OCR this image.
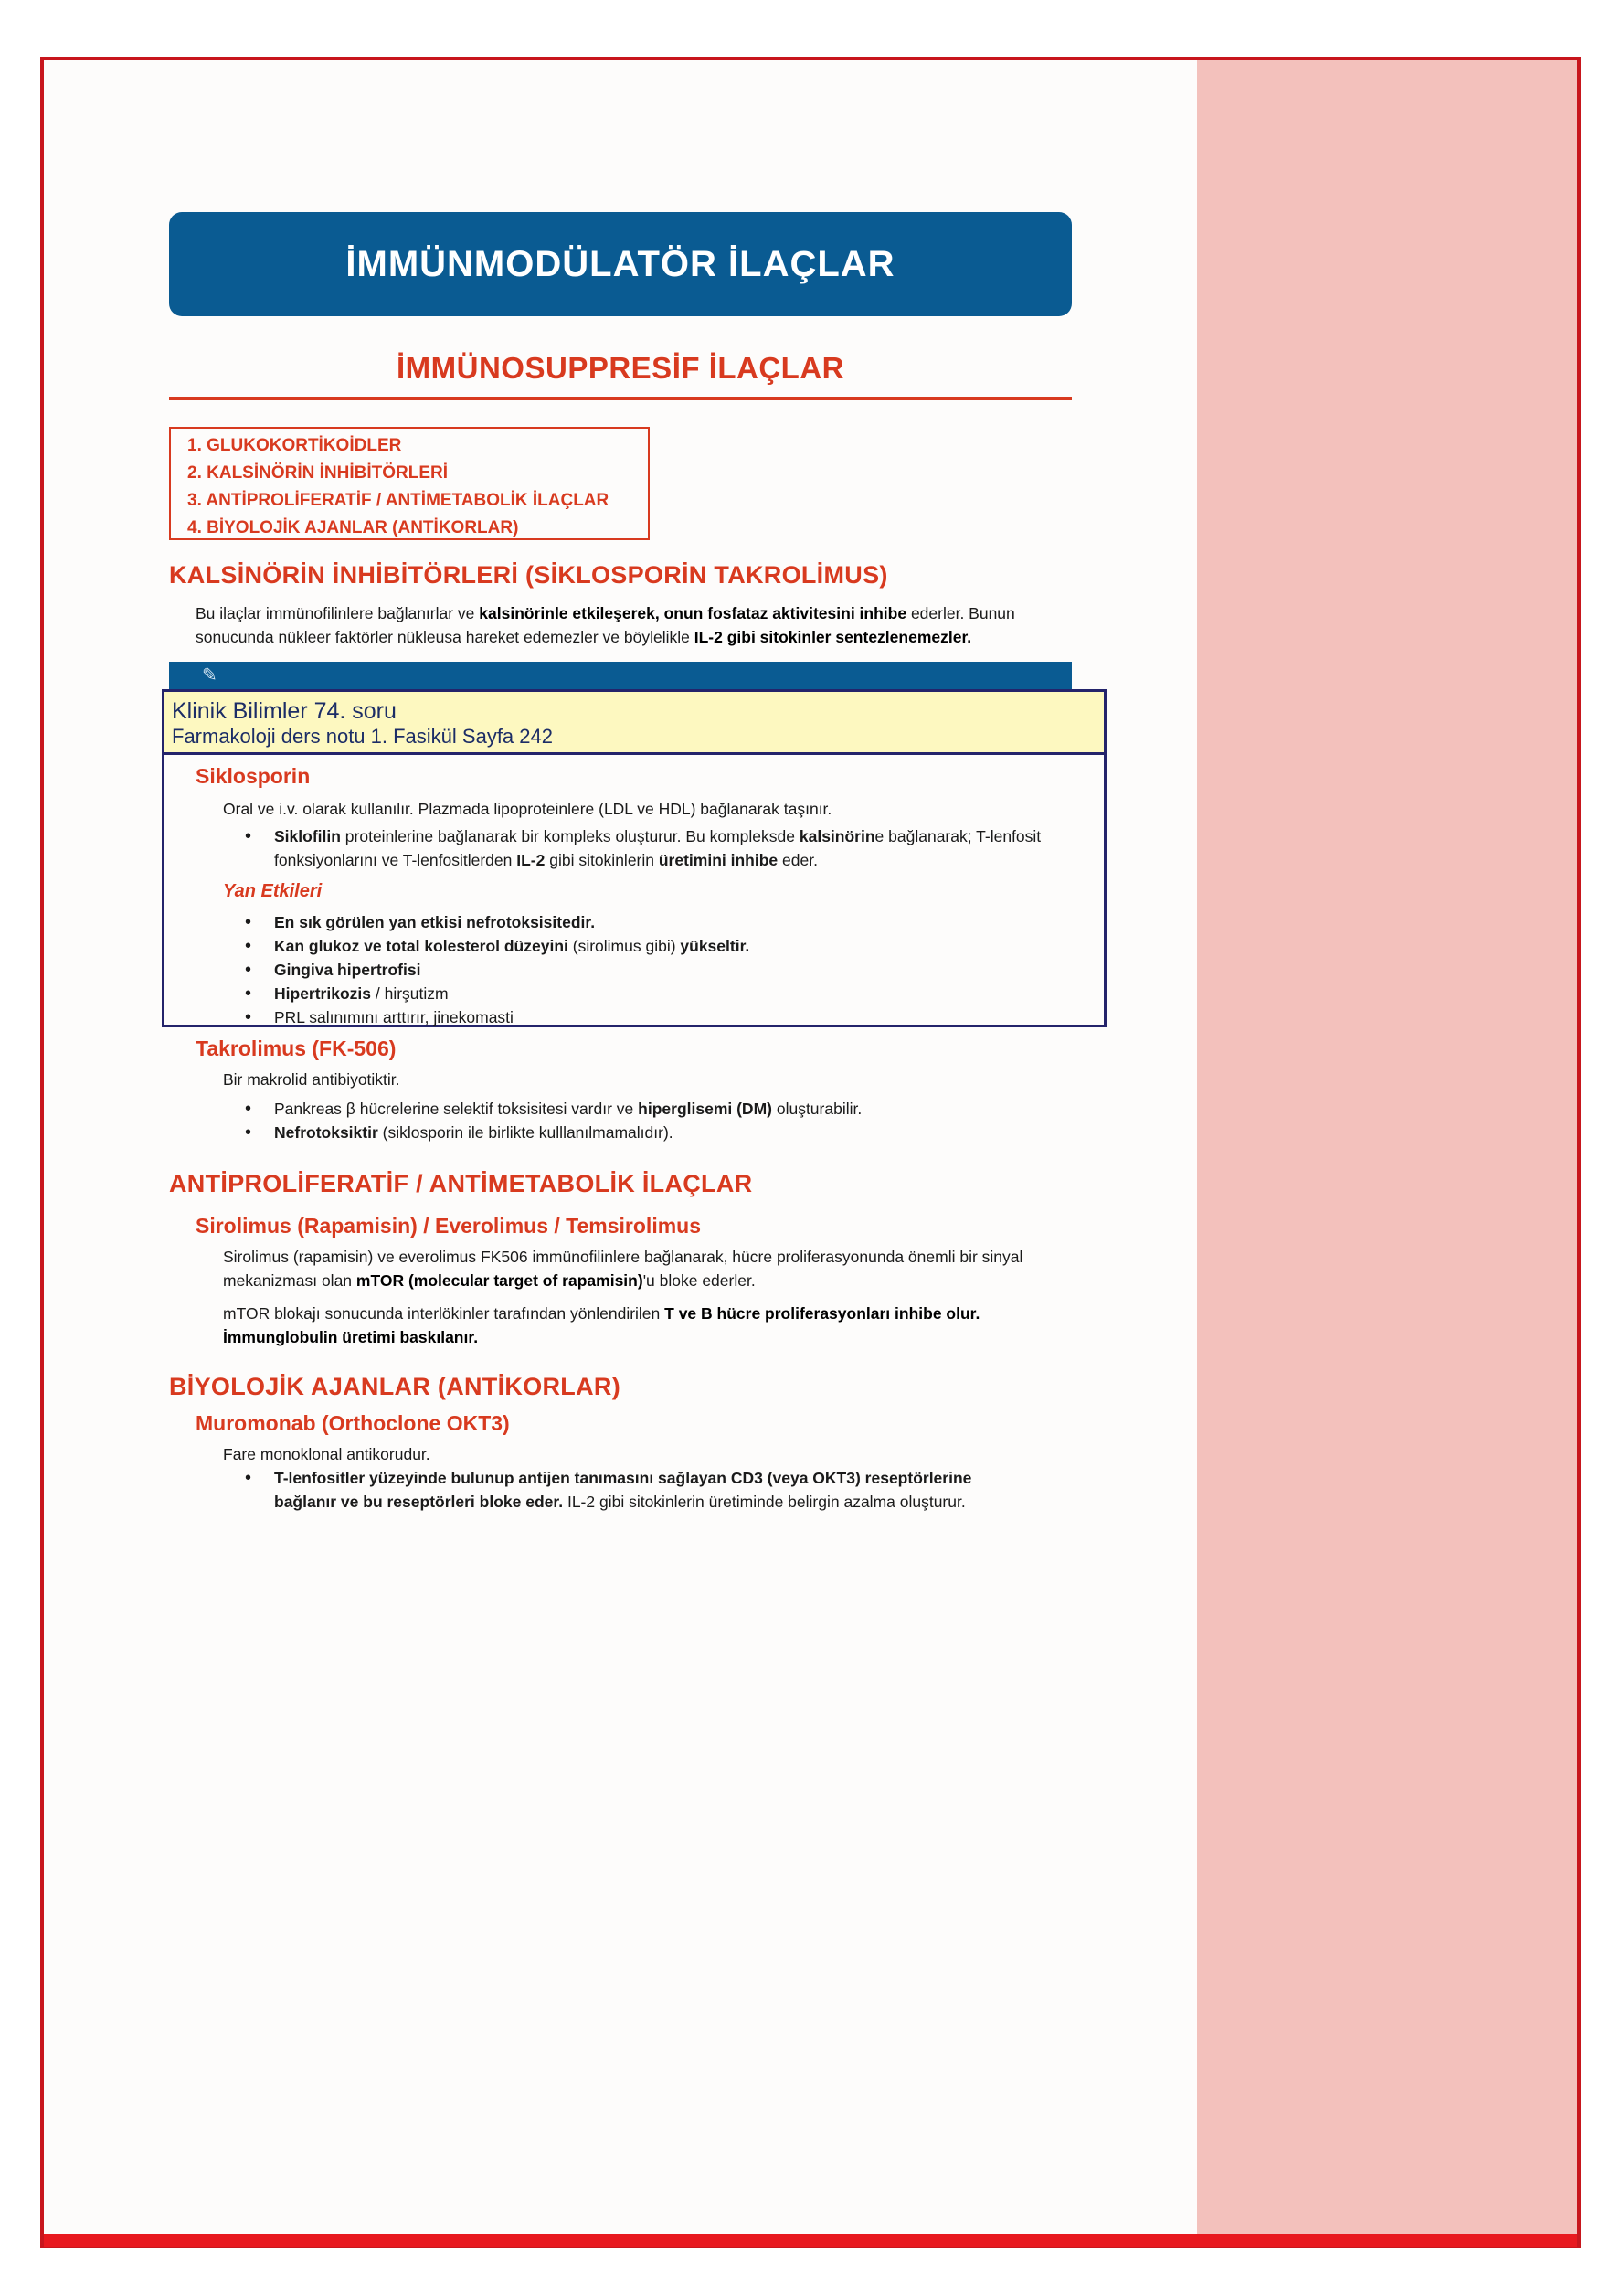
İMMÜNMODÜLATÖR İLAÇLAR
İMMÜNOSUPPRESİF İLAÇLAR
1. GLUKOKORTİKOİDLER
2. KALSİNÖRİN İNHİBİTÖRLERİ
3. ANTİPROLİFERATİF / ANTİMETABOLİK İLAÇLAR
4. BİYOLOJİK AJANLAR (ANTİKORLAR)
KALSİNÖRİN İNHİBİTÖRLERİ (SİKLOSPORİN TAKROLİMUS)
Bu ilaçlar immünofilinlere bağlanırlar ve kalsinörinle etkileşerek, onun fosfataz aktivitesini inhibe ederler. Bunun
sonucunda nükleer faktörler nükleusa hareket edemezler ve böylelikle IL-2 gibi sitokinler sentezlenemezler.
✎
Klinik Bilimler 74. soru
Farmakoloji ders notu 1. Fasikül Sayfa 242
Siklosporin
Oral ve i.v. olarak kullanılır. Plazmada lipoproteinlere (LDL ve HDL) bağlanarak taşınır.
• Siklofilin proteinlerine bağlanarak bir kompleks oluşturur. Bu kompleksde kalsinörine bağlanarak; T-lenfosit
fonksiyonlarını ve T-lenfositlerden IL-2 gibi sitokinlerin üretimini inhibe eder.
Yan Etkileri
• En sık görülen yan etkisi nefrotoksisitedir.
• Kan glukoz ve total kolesterol düzeyini (sirolimus gibi) yükseltir.
• Gingiva hipertrofisi
• Hipertrikozis / hirşutizm
• PRL salınımını arttırır, jinekomasti
Takrolimus (FK-506)
Bir makrolid antibiyotiktir.
• Pankreas β hücrelerine selektif toksisitesi vardır ve hiperglisemi (DM) oluşturabilir.
• Nefrotoksiktir (siklosporin ile birlikte kulllanılmamalıdır).
ANTİPROLİFERATİF / ANTİMETABOLİK İLAÇLAR
Sirolimus (Rapamisin) / Everolimus / Temsirolimus
Sirolimus (rapamisin) ve everolimus FK506 immünofilinlere bağlanarak, hücre proliferasyonunda önemli bir sinyal
mekanizması olan mTOR (molecular target of rapamisin)'u bloke ederler.
mTOR blokajı sonucunda interlökinler tarafından yönlendirilen T ve B hücre proliferasyonları inhibe olur.
İmmunglobulin üretimi baskılanır.
BİYOLOJİK AJANLAR (ANTİKORLAR)
Muromonab (Orthoclone OKT3)
Fare monoklonal antikorudur.
• T-lenfositler yüzeyinde bulunup antijen tanımasını sağlayan CD3 (veya OKT3) reseptörlerine
bağlanır ve bu reseptörleri bloke eder. IL-2 gibi sitokinlerin üretiminde belirgin azalma oluşturur.
